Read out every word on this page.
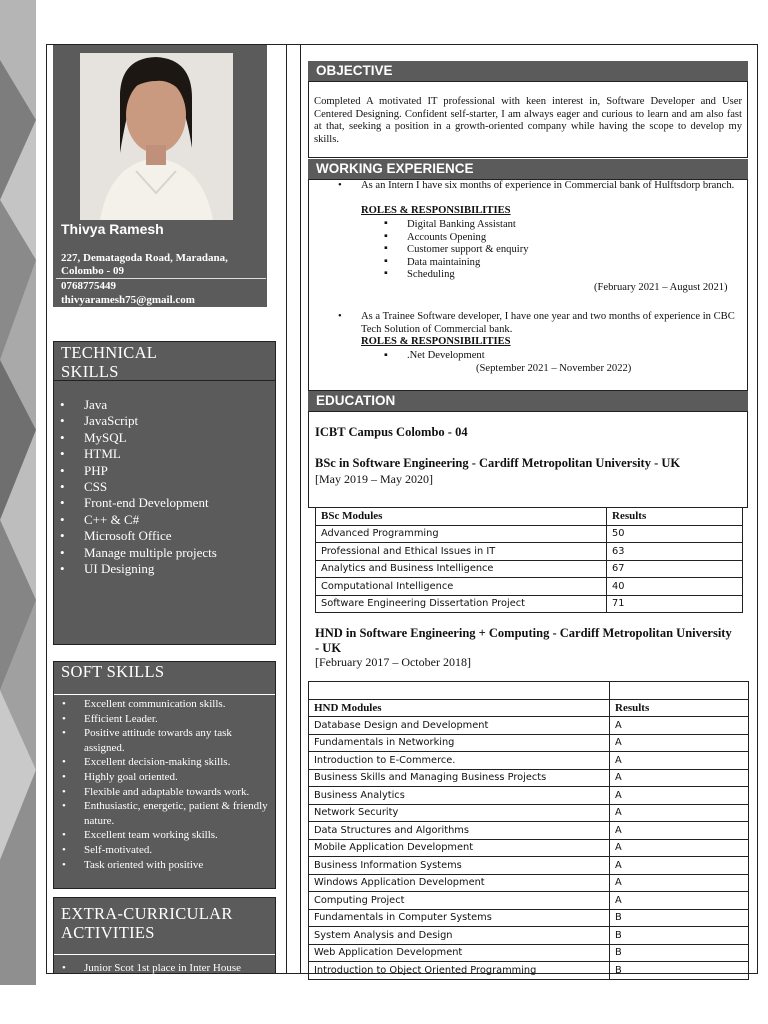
Thivya Ramesh
227, Dematagoda Road, Maradana, Colombo - 09
0768775449
thivyaramesh75@gmail.com
TECHNICAL SKILLS
• Java
• JavaScript
• MySQL
• HTML
• PHP
• CSS
• Front-end Development
• C++ & C#
• Microsoft Office
• Manage multiple projects
• UI Designing
SOFT SKILLS
• Excellent communication skills.
• Efficient Leader.
• Positive attitude towards any task assigned.
• Excellent decision-making skills.
• Highly goal oriented.
• Flexible and adaptable towards work.
• Enthusiastic, energetic, patient & friendly nature.
• Excellent team working skills.
• Self-motivated.
• Task oriented with positive
EXTRA-CURRICULAR ACTIVITIES
• Junior Scot 1st place in Inter House
OBJECTIVE
Completed A motivated IT professional with keen interest in, Software Developer and User Centered Designing. Confident self-starter, I am always eager and curious to learn and am also fast at that, seeking a position in a growth-oriented company while having the scope to develop my skills.
WORKING EXPERIENCE
• As an Intern I have six months of experience in Commercial bank of Hulftsdorp branch.
ROLES & RESPONSIBILITIES
▪
▪
▪
▪
▪
Digital Banking Assistant
Accounts Opening
Customer support & enquiry
Data maintaining
Scheduling
(February 2021 – August 2021)
• As a Trainee Software developer, I have one year and two months of experience in CBC Tech Solution of Commercial bank.
ROLES & RESPONSIBILITIES
▪ .Net Development
(September 2021 – November 2022)
EDUCATION
ICBT Campus Colombo - 04
BSc in Software Engineering - Cardiff Metropolitan University - UK
[May 2019 – May 2020]
BSc Modules	Results
Advanced Programming	50
Professional and Ethical Issues in IT	63
Analytics and Business Intelligence	67
Computational Intelligence	40
Software Engineering Dissertation Project	71
HND in Software Engineering + Computing - Cardiff Metropolitan University - UK
[February 2017 – October 2018]

HND Modules	Results
Database Design and Development	A
Fundamentals in Networking	A
Introduction to E-Commerce.	A
Business Skills and Managing Business Projects	A
Business Analytics	A
Network Security	A
Data Structures and Algorithms	A
Mobile Application Development	A
Business Information Systems	A
Windows Application Development	A
Computing Project	A
Fundamentals in Computer Systems	B
System Analysis and Design	B
Web Application Development	B
Introduction to Object Oriented Programming	B
